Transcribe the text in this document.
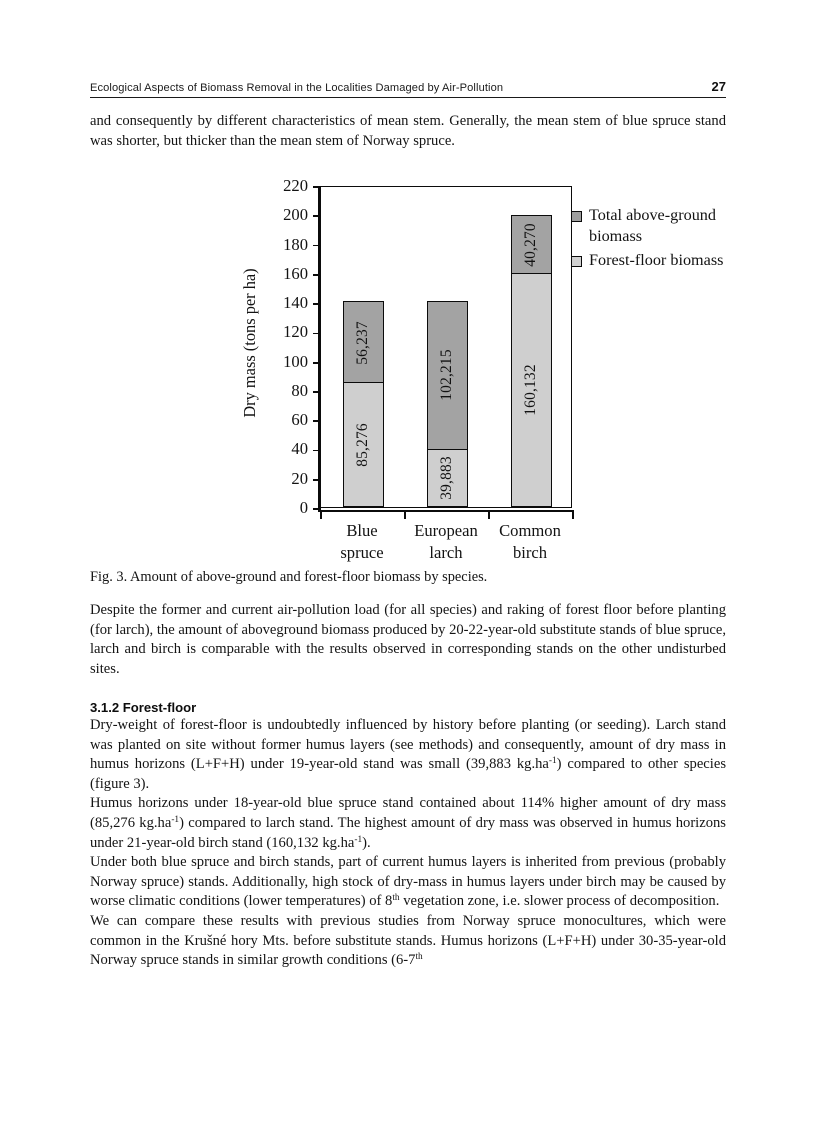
Ecological Aspects of Biomass Removal in the Localities Damaged by Air-Pollution	27

and consequently by different characteristics of mean stem. Generally, the mean stem of blue spruce stand was shorter, but thicker than the mean stem of Norway spruce.

Dry mass (tons per ha)
220
200
180
160
140
120
100
80
60
40
20
0
Total above-ground
biomass
Forest-floor biomass
56,237
85,276
102,215
39,883
40,270
160,132
Blue
spruce
European
larch
Common
birch
Fig. 3. Amount of above-ground and forest-floor biomass by species.

Despite the former and current air-pollution load (for all species) and raking of forest floor before planting (for larch), the amount of aboveground biomass produced by 20-22-year-old substitute stands of blue spruce, larch and birch is comparable with the results observed in corresponding stands on the other undisturbed sites.

3.1.2 Forest-floor

Dry-weight of forest-floor is undoubtedly influenced by history before planting (or seeding). Larch stand was planted on site without former humus layers (see methods) and consequently, amount of dry mass in humus horizons (L+F+H) under 19-year-old stand was small (39,883 $kg.ha^{-1}$) compared to other species (figure 3).

Humus horizons under 18-year-old blue spruce stand contained about 114% higher amount of dry mass (85,276 $kg.ha^{-1}$) compared to larch stand. The highest amount of dry mass was observed in humus horizons under 21-year-old birch stand (160,132 $kg.ha^{-1}$).

Under both blue spruce and birch stands, part of current humus layers is inherited from previous (probably Norway spruce) stands. Additionally, high stock of dry-mass in humus layers under birch may be caused by worse climatic conditions (lower temperatures) of 8th vegetation zone, i.e. slower process of decomposition.

We can compare these results with previous studies from Norway spruce monocultures, which were common in the Krušné hory Mts. before substitute stands. Humus horizons (L+F+H) under 30-35-year-old Norway spruce stands in similar growth conditions (6-7th
